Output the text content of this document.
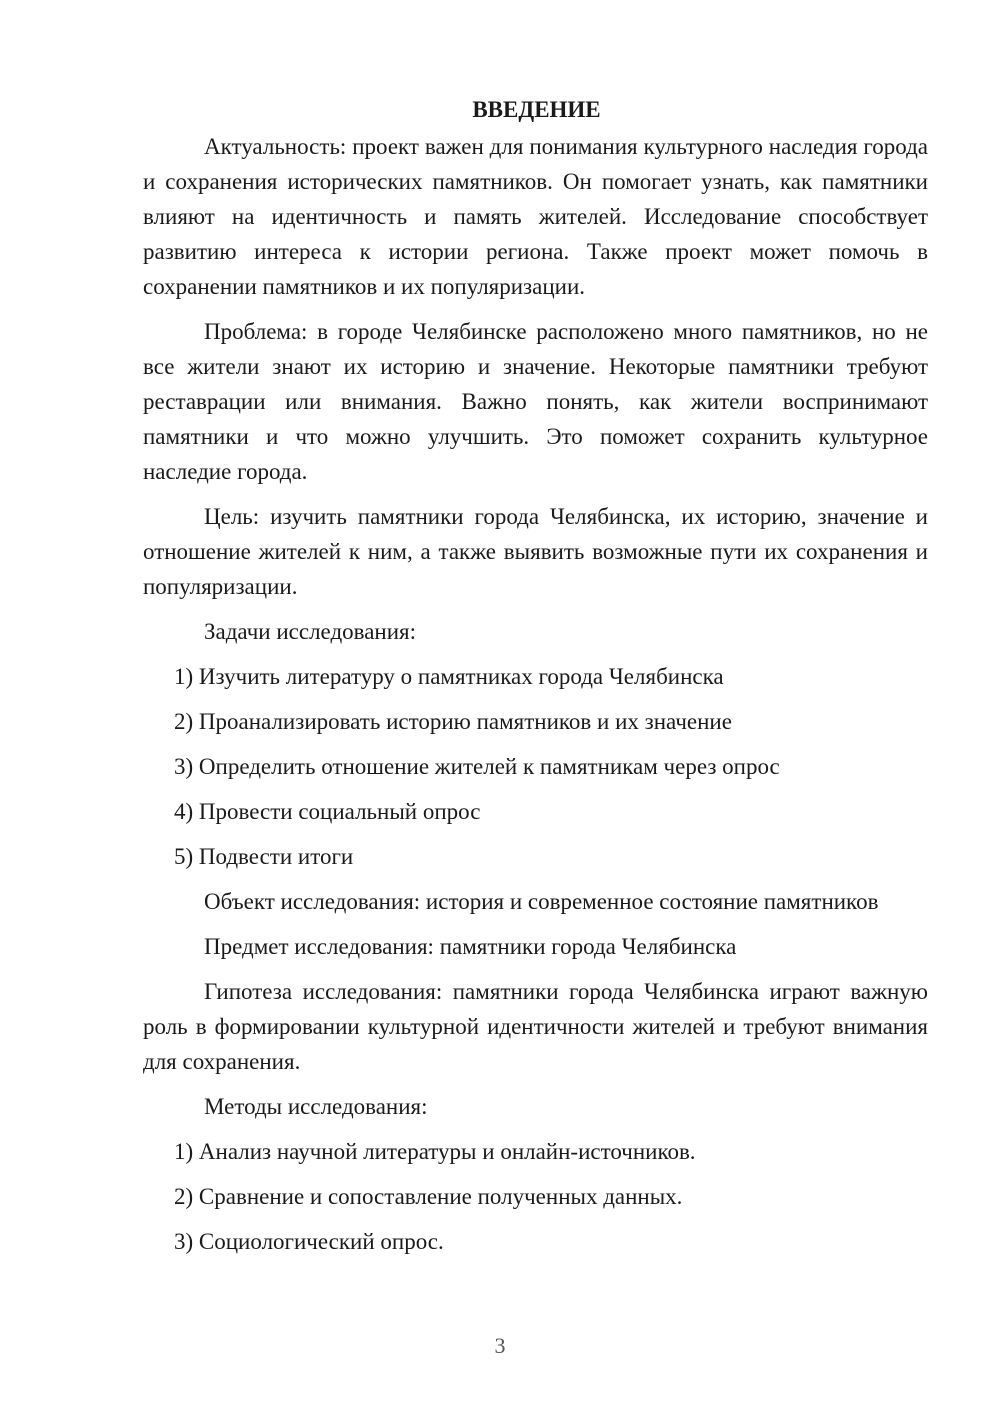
ВВЕДЕНИЕ

Актуальность: проект важен для понимания культурного наследия города и сохранения исторических памятников. Он помогает узнать, как памятники влияют на идентичность и память жителей. Исследование способствует развитию интереса к истории региона. Также проект может помочь в сохранении памятников и их популяризации.

Проблема: в городе Челябинске расположено много памятников, но не все жители знают их историю и значение. Некоторые памятники требуют реставрации или внимания. Важно понять, как жители воспринимают памятники и что можно улучшить. Это поможет сохранить культурное наследие города.

Цель: изучить памятники города Челябинска, их историю, значение и отношение жителей к ним, а также выявить возможные пути их сохранения и популяризации.

Задачи исследования:

1) Изучить литературу о памятниках города Челябинска

2) Проанализировать историю памятников и их значение

3) Определить отношение жителей к памятникам через опрос

4) Провести социальный опрос

5) Подвести итоги

Объект исследования: история и современное состояние памятников

Предмет исследования: памятники города Челябинска

Гипотеза исследования: памятники города Челябинска играют важную роль в формировании культурной идентичности жителей и требуют внимания для сохранения.

Методы исследования:

1) Анализ научной литературы и онлайн-источников.

2) Сравнение и сопоставление полученных данных.

3) Социологический опрос.

3
